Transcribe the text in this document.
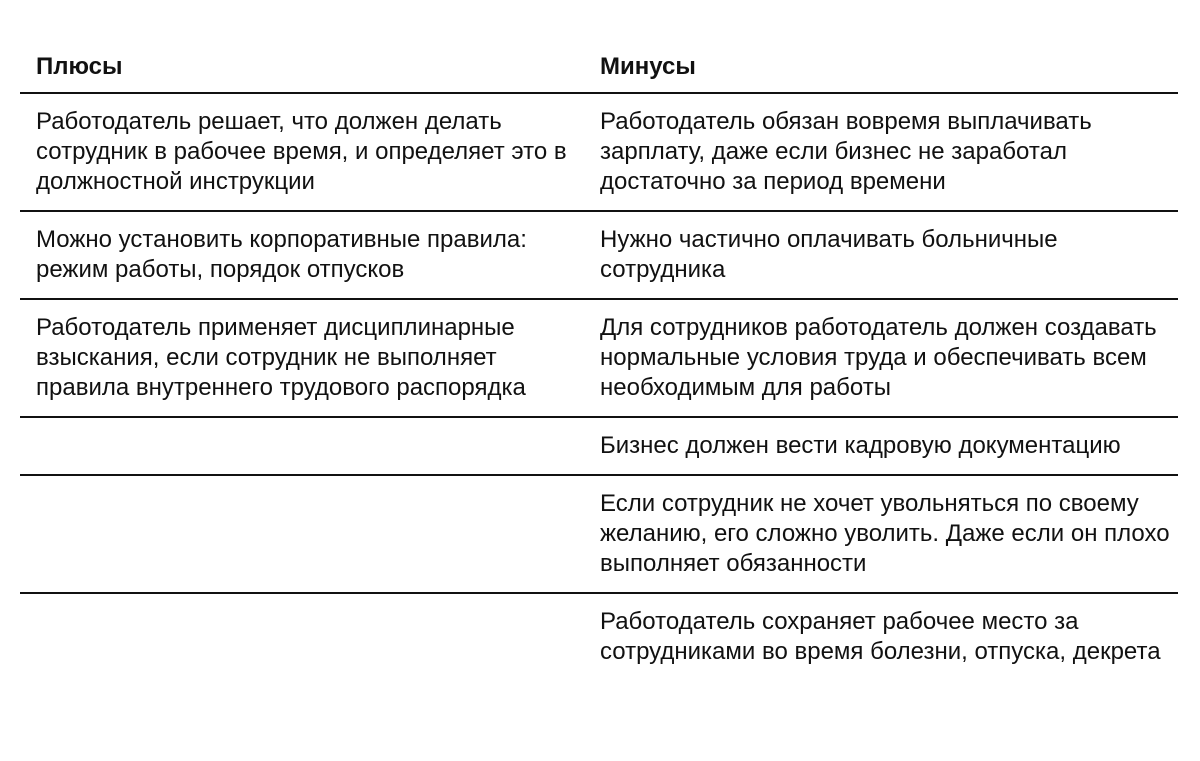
Плюсы	Минусы
Работодатель решает, что должен делать сотрудник в рабочее время, и определяет это в должностной инструкции
Работодатель обязан вовремя выплачивать зарплату, даже если бизнес не заработал достаточно за период времени
Можно установить корпоративные правила: режим работы, порядок отпусков
Нужно частично оплачивать больничные сотрудника
Работодатель применяет дисциплинарные взыскания, если сотрудник не выполняет правила внутреннего трудового распорядка
Для сотрудников работодатель должен создавать нормальные условия труда и обеспечивать всем необходимым для работы
Бизнес должен вести кадровую документацию
Если сотрудник не хочет увольняться по своему желанию, его сложно уволить. Даже если он плохо выполняет обязанности
Работодатель сохраняет рабочее место за сотрудниками во время болезни, отпуска, декрета
